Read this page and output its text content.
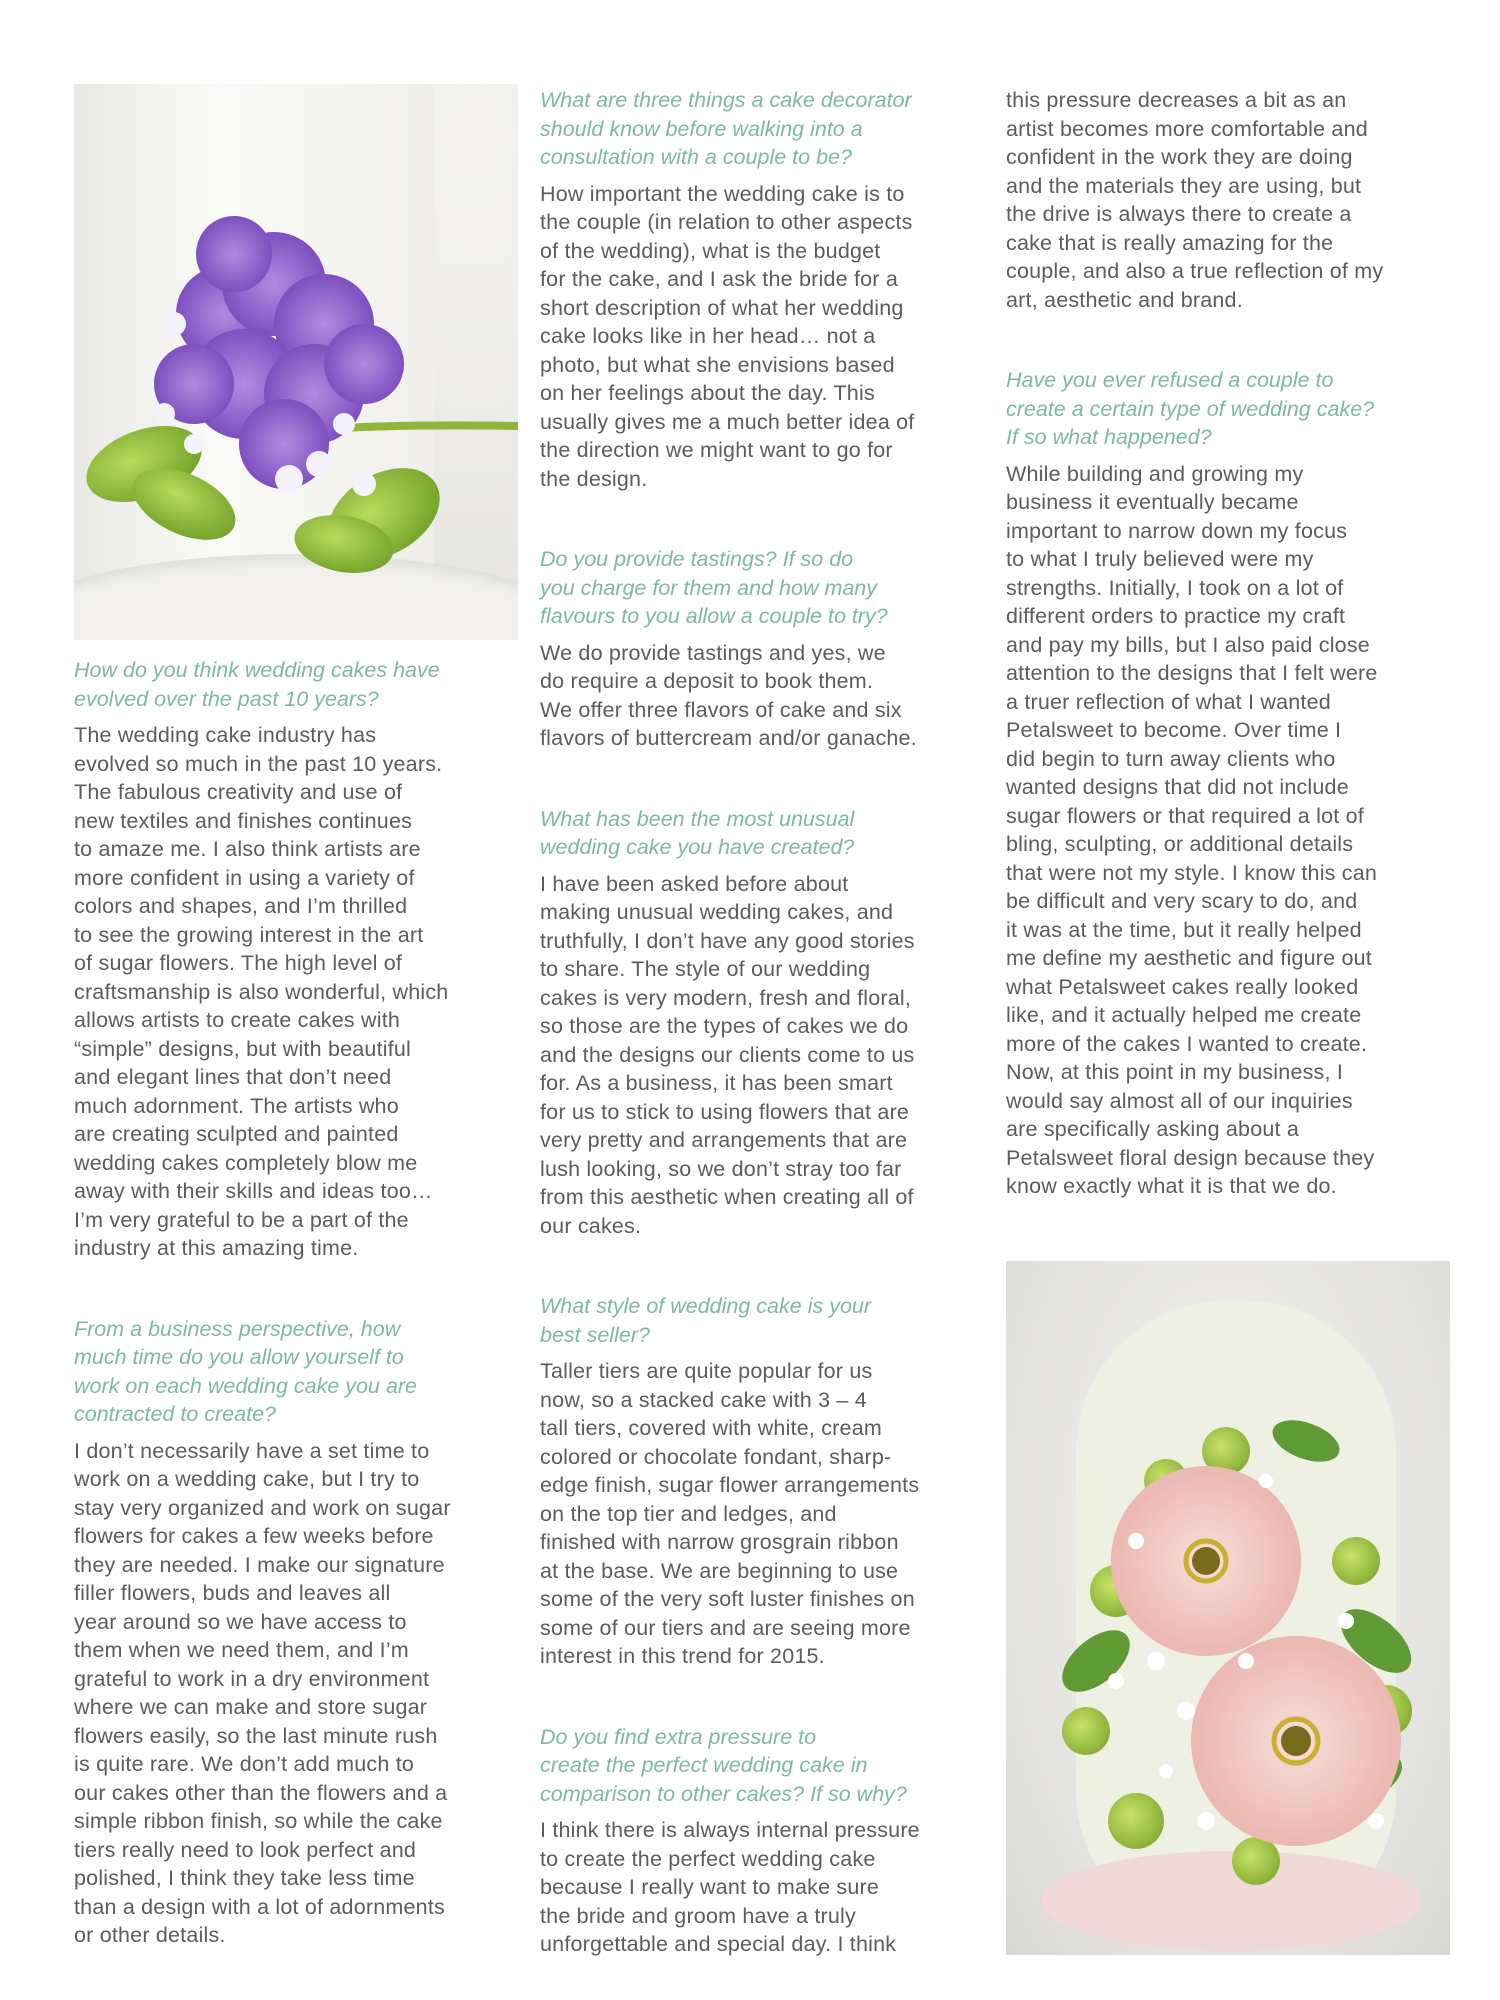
How do you think wedding cakes have
evolved over the past 10 years?

The wedding cake industry has
evolved so much in the past 10 years.
The fabulous creativity and use of
new textiles and finishes continues
to amaze me. I also think artists are
more confident in using a variety of
colors and shapes, and I’m thrilled
to see the growing interest in the art
of sugar flowers. The high level of
craftsmanship is also wonderful, which
allows artists to create cakes with
“simple” designs, but with beautiful
and elegant lines that don’t need
much adornment. The artists who
are creating sculpted and painted
wedding cakes completely blow me
away with their skills and ideas too…
I’m very grateful to be a part of the
industry at this amazing time.

From a business perspective, how
much time do you allow yourself to
work on each wedding cake you are
contracted to create?

I don’t necessarily have a set time to
work on a wedding cake, but I try to
stay very organized and work on sugar
flowers for cakes a few weeks before
they are needed. I make our signature
filler flowers, buds and leaves all
year around so we have access to
them when we need them, and I’m
grateful to work in a dry environment
where we can make and store sugar
flowers easily, so the last minute rush
is quite rare. We don’t add much to
our cakes other than the flowers and a
simple ribbon finish, so while the cake
tiers really need to look perfect and
polished, I think they take less time
than a design with a lot of adornments
or other details.

What are three things a cake decorator
should know before walking into a
consultation with a couple to be?

How important the wedding cake is to
the couple (in relation to other aspects
of the wedding), what is the budget
for the cake, and I ask the bride for a
short description of what her wedding
cake looks like in her head… not a
photo, but what she envisions based
on her feelings about the day. This
usually gives me a much better idea of
the direction we might want to go for
the design.

Do you provide tastings? If so do
you charge for them and how many
flavours to you allow a couple to try?

We do provide tastings and yes, we
do require a deposit to book them.
We offer three flavors of cake and six
flavors of buttercream and/or ganache.

What has been the most unusual
wedding cake you have created?

I have been asked before about
making unusual wedding cakes, and
truthfully, I don’t have any good stories
to share. The style of our wedding
cakes is very modern, fresh and floral,
so those are the types of cakes we do
and the designs our clients come to us
for. As a business, it has been smart
for us to stick to using flowers that are
very pretty and arrangements that are
lush looking, so we don’t stray too far
from this aesthetic when creating all of
our cakes.

What style of wedding cake is your
best seller?

Taller tiers are quite popular for us
now, so a stacked cake with 3 – 4
tall tiers, covered with white, cream
colored or chocolate fondant, sharp-
edge finish, sugar flower arrangements
on the top tier and ledges, and
finished with narrow grosgrain ribbon
at the base. We are beginning to use
some of the very soft luster finishes on
some of our tiers and are seeing more
interest in this trend for 2015.

Do you find extra pressure to
create the perfect wedding cake in
comparison to other cakes? If so why?

I think there is always internal pressure
to create the perfect wedding cake
because I really want to make sure
the bride and groom have a truly
unforgettable and special day. I think

this pressure decreases a bit as an
artist becomes more comfortable and
confident in the work they are doing
and the materials they are using, but
the drive is always there to create a
cake that is really amazing for the
couple, and also a true reflection of my
art, aesthetic and brand.

Have you ever refused a couple to
create a certain type of wedding cake?
If so what happened?

While building and growing my
business it eventually became
important to narrow down my focus
to what I truly believed were my
strengths. Initially, I took on a lot of
different orders to practice my craft
and pay my bills, but I also paid close
attention to the designs that I felt were
a truer reflection of what I wanted
Petalsweet to become. Over time I
did begin to turn away clients who
wanted designs that did not include
sugar flowers or that required a lot of
bling, sculpting, or additional details
that were not my style. I know this can
be difficult and very scary to do, and
it was at the time, but it really helped
me define my aesthetic and figure out
what Petalsweet cakes really looked
like, and it actually helped me create
more of the cakes I wanted to create.
Now, at this point in my business, I
would say almost all of our inquiries
are specifically asking about a
Petalsweet floral design because they
know exactly what it is that we do.
